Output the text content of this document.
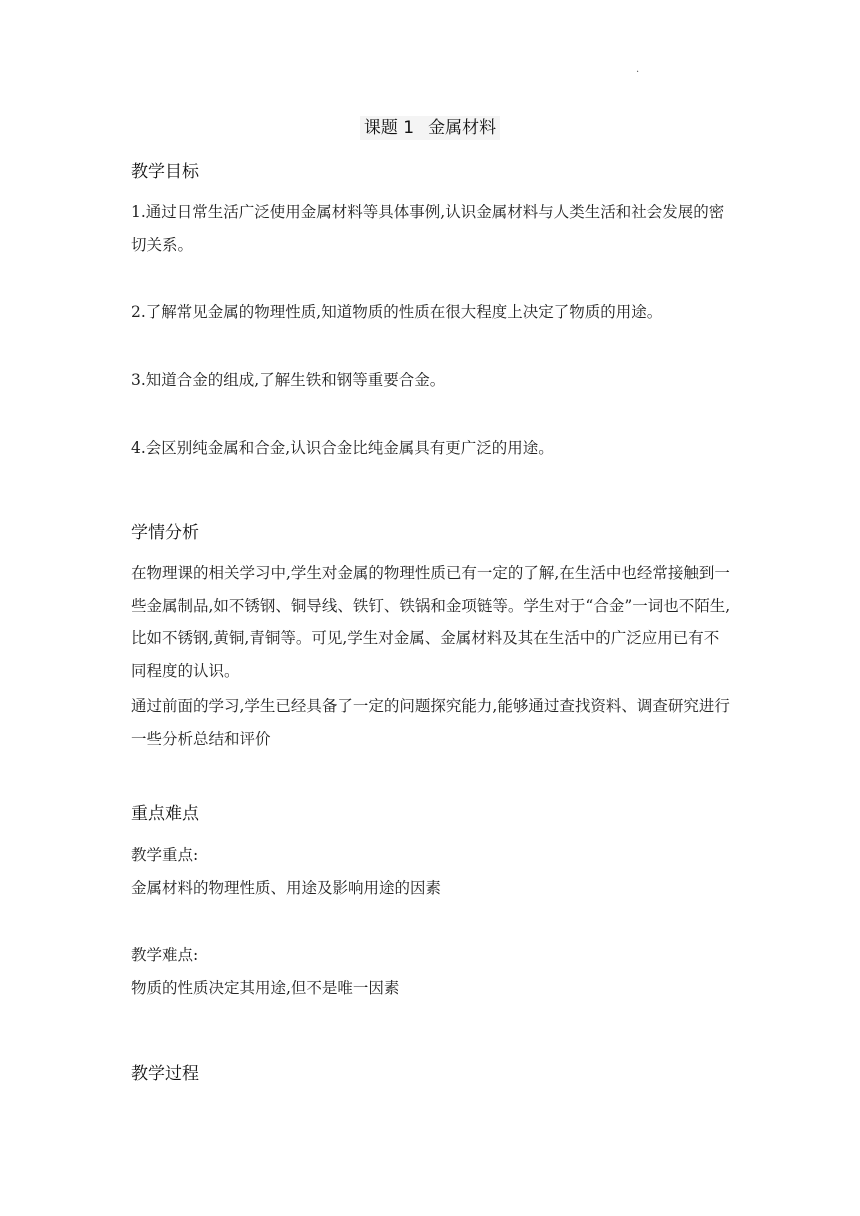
.
课题 1 金属材料
教学目标

1.通过日常生活广泛使用金属材料等具体事例,认识金属材料与人类生活和社会发展的密切关系。

2.了解常见金属的物理性质,知道物质的性质在很大程度上决定了物质的用途。

3.知道合金的组成,了解生铁和钢等重要合金。

4.会区别纯金属和合金,认识合金比纯金属具有更广泛的用途。

学情分析

在物理课的相关学习中,学生对金属的物理性质已有一定的了解,在生活中也经常接触到一些金属制品,如不锈钢、铜导线、铁钉、铁锅和金项链等。学生对于“合金”一词也不陌生,比如不锈钢,黄铜,青铜等。可见,学生对金属、金属材料及其在生活中的广泛应用已有不同程度的认识。

通过前面的学习,学生已经具备了一定的问题探究能力,能够通过查找资料、调查研究进行一些分析总结和评价

重点难点

教学重点:

金属材料的物理性质、用途及影响用途的因素

教学难点:

物质的性质决定其用途,但不是唯一因素

教学过程
